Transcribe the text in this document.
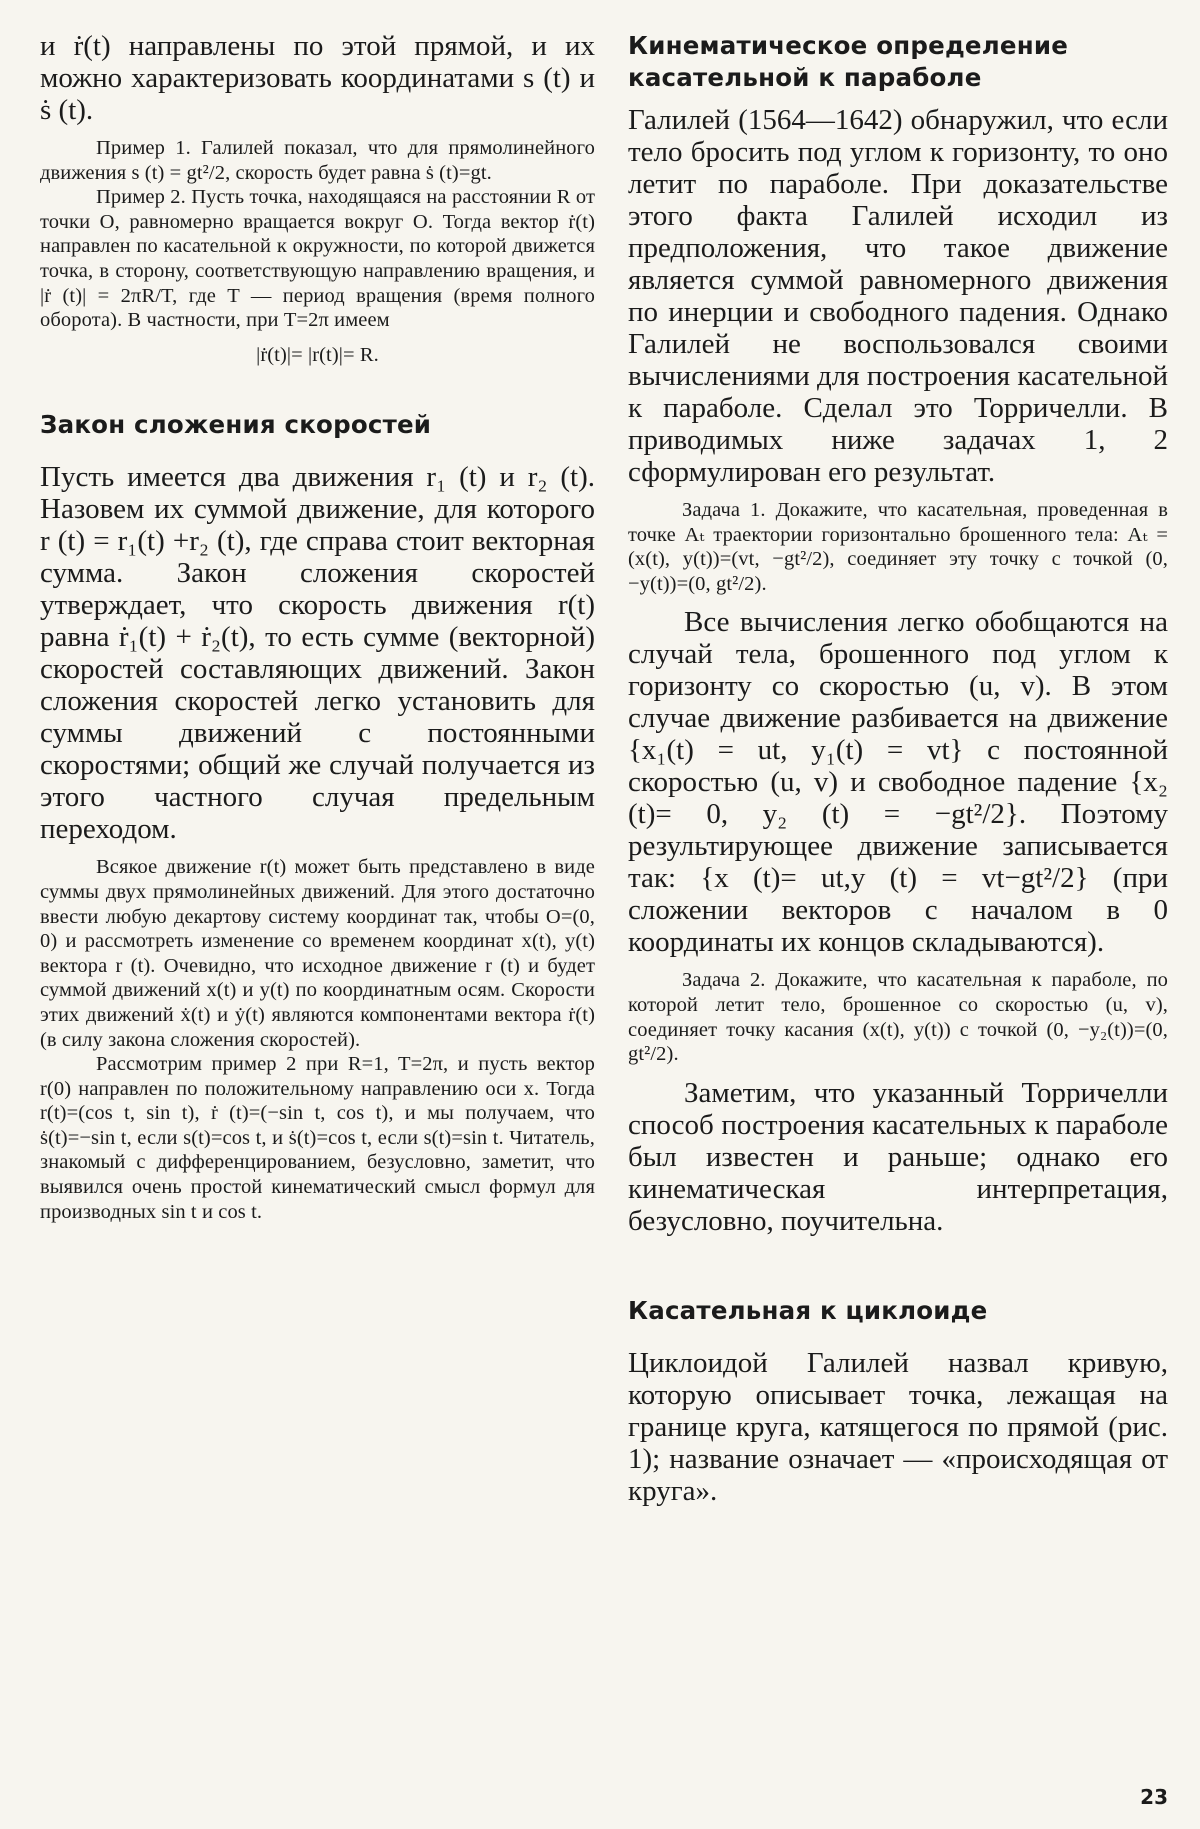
и ṙ(t) направлены по этой прямой, и их можно характеризовать координатами s (t) и ṡ (t).

Пример 1. Галилей показал, что для прямолинейного движения s (t) = gt²/2, скорость будет равна ṡ (t)=gt.

Пример 2. Пусть точка, находящаяся на расстоянии R от точки O, равномерно вращается вокруг O. Тогда вектор ṙ(t) направлен по касательной к окружности, по которой движется точка, в сторону, соответствующую направлению вращения, и |ṙ (t)| = 2πR/T, где T — период вращения (время полного оборота). В частности, при T=2π имеем

|ṙ(t)|= |r(t)|= R.

Закон сложения скоростей

Пусть имеется два движения r₁ (t) и r₂ (t). Назовем их суммой движение, для которого r (t) = r₁(t) +r₂ (t), где справа стоит векторная сумма. Закон сложения скоростей утверждает, что скорость движения r(t) равна ṙ₁(t) + ṙ₂(t), то есть сумме (векторной) скоростей составляющих движений. Закон сложения скоростей легко установить для суммы движений с постоянными скоростями; общий же случай получается из этого частного случая предельным переходом.

Всякое движение r(t) может быть представлено в виде суммы двух прямолинейных движений. Для этого достаточно ввести любую декартову систему координат так, чтобы O=(0, 0) и рассмотреть изменение со временем координат x(t), y(t) вектора r (t). Очевидно, что исходное движение r (t) и будет суммой движений x(t) и y(t) по координатным осям. Скорости этих движений ẋ(t) и ẏ(t) являются компонентами вектора ṙ(t) (в силу закона сложения скоростей).

Рассмотрим пример 2 при R=1, T=2π, и пусть вектор r(0) направлен по положительному направлению оси x. Тогда r(t)=(cos t, sin t), ṙ (t)=(−sin t, cos t), и мы получаем, что ṡ(t)=−sin t, если s(t)=cos t, и ṡ(t)=cos t, если s(t)=sin t. Читатель, знакомый с дифференцированием, безусловно, заметит, что выявился очень простой кинематический смысл формул для производных sin t и cos t.

Кинематическое определение касательной к параболе

Галилей (1564—1642) обнаружил, что если тело бросить под углом к горизонту, то оно летит по параболе. При доказательстве этого факта Галилей исходил из предположения, что такое движение является суммой равномерного движения по инерции и свободного падения. Однако Галилей не воспользовался своими вычислениями для построения касательной к параболе. Сделал это Торричелли. В приводимых ниже задачах 1, 2 сформулирован его результат.

Задача 1. Докажите, что касательная, проведенная в точке Aₜ траектории горизонтально брошенного тела: Aₜ =(x(t), y(t))=(vt, −gt²/2), соединяет эту точку с точкой (0, −y(t))=(0, gt²/2).

Все вычисления легко обобщаются на случай тела, брошенного под углом к горизонту со скоростью (u, v). В этом случае движение разбивается на движение {x₁(t) = ut, y₁(t) = vt} с постоянной скоростью (u, v) и свободное падение {x₂ (t)= 0, y₂ (t) = −gt²/2}. Поэтому результирующее движение записывается так: {x (t)= ut,y (t) = vt−gt²/2} (при сложении векторов с началом в 0 координаты их концов складываются).

Задача 2. Докажите, что касательная к параболе, по которой летит тело, брошенное со скоростью (u, v), соединяет точку касания (x(t), y(t)) с точкой (0, −y₂(t))=(0, gt²/2).

Заметим, что указанный Торричелли способ построения касательных к параболе был известен и раньше; однако его кинематическая интерпретация, безусловно, поучительна.

Касательная к циклоиде

Циклоидой Галилей назвал кривую, которую описывает точка, лежащая на границе круга, катящегося по прямой (рис. 1); название означает — «происходящая от круга».

23
